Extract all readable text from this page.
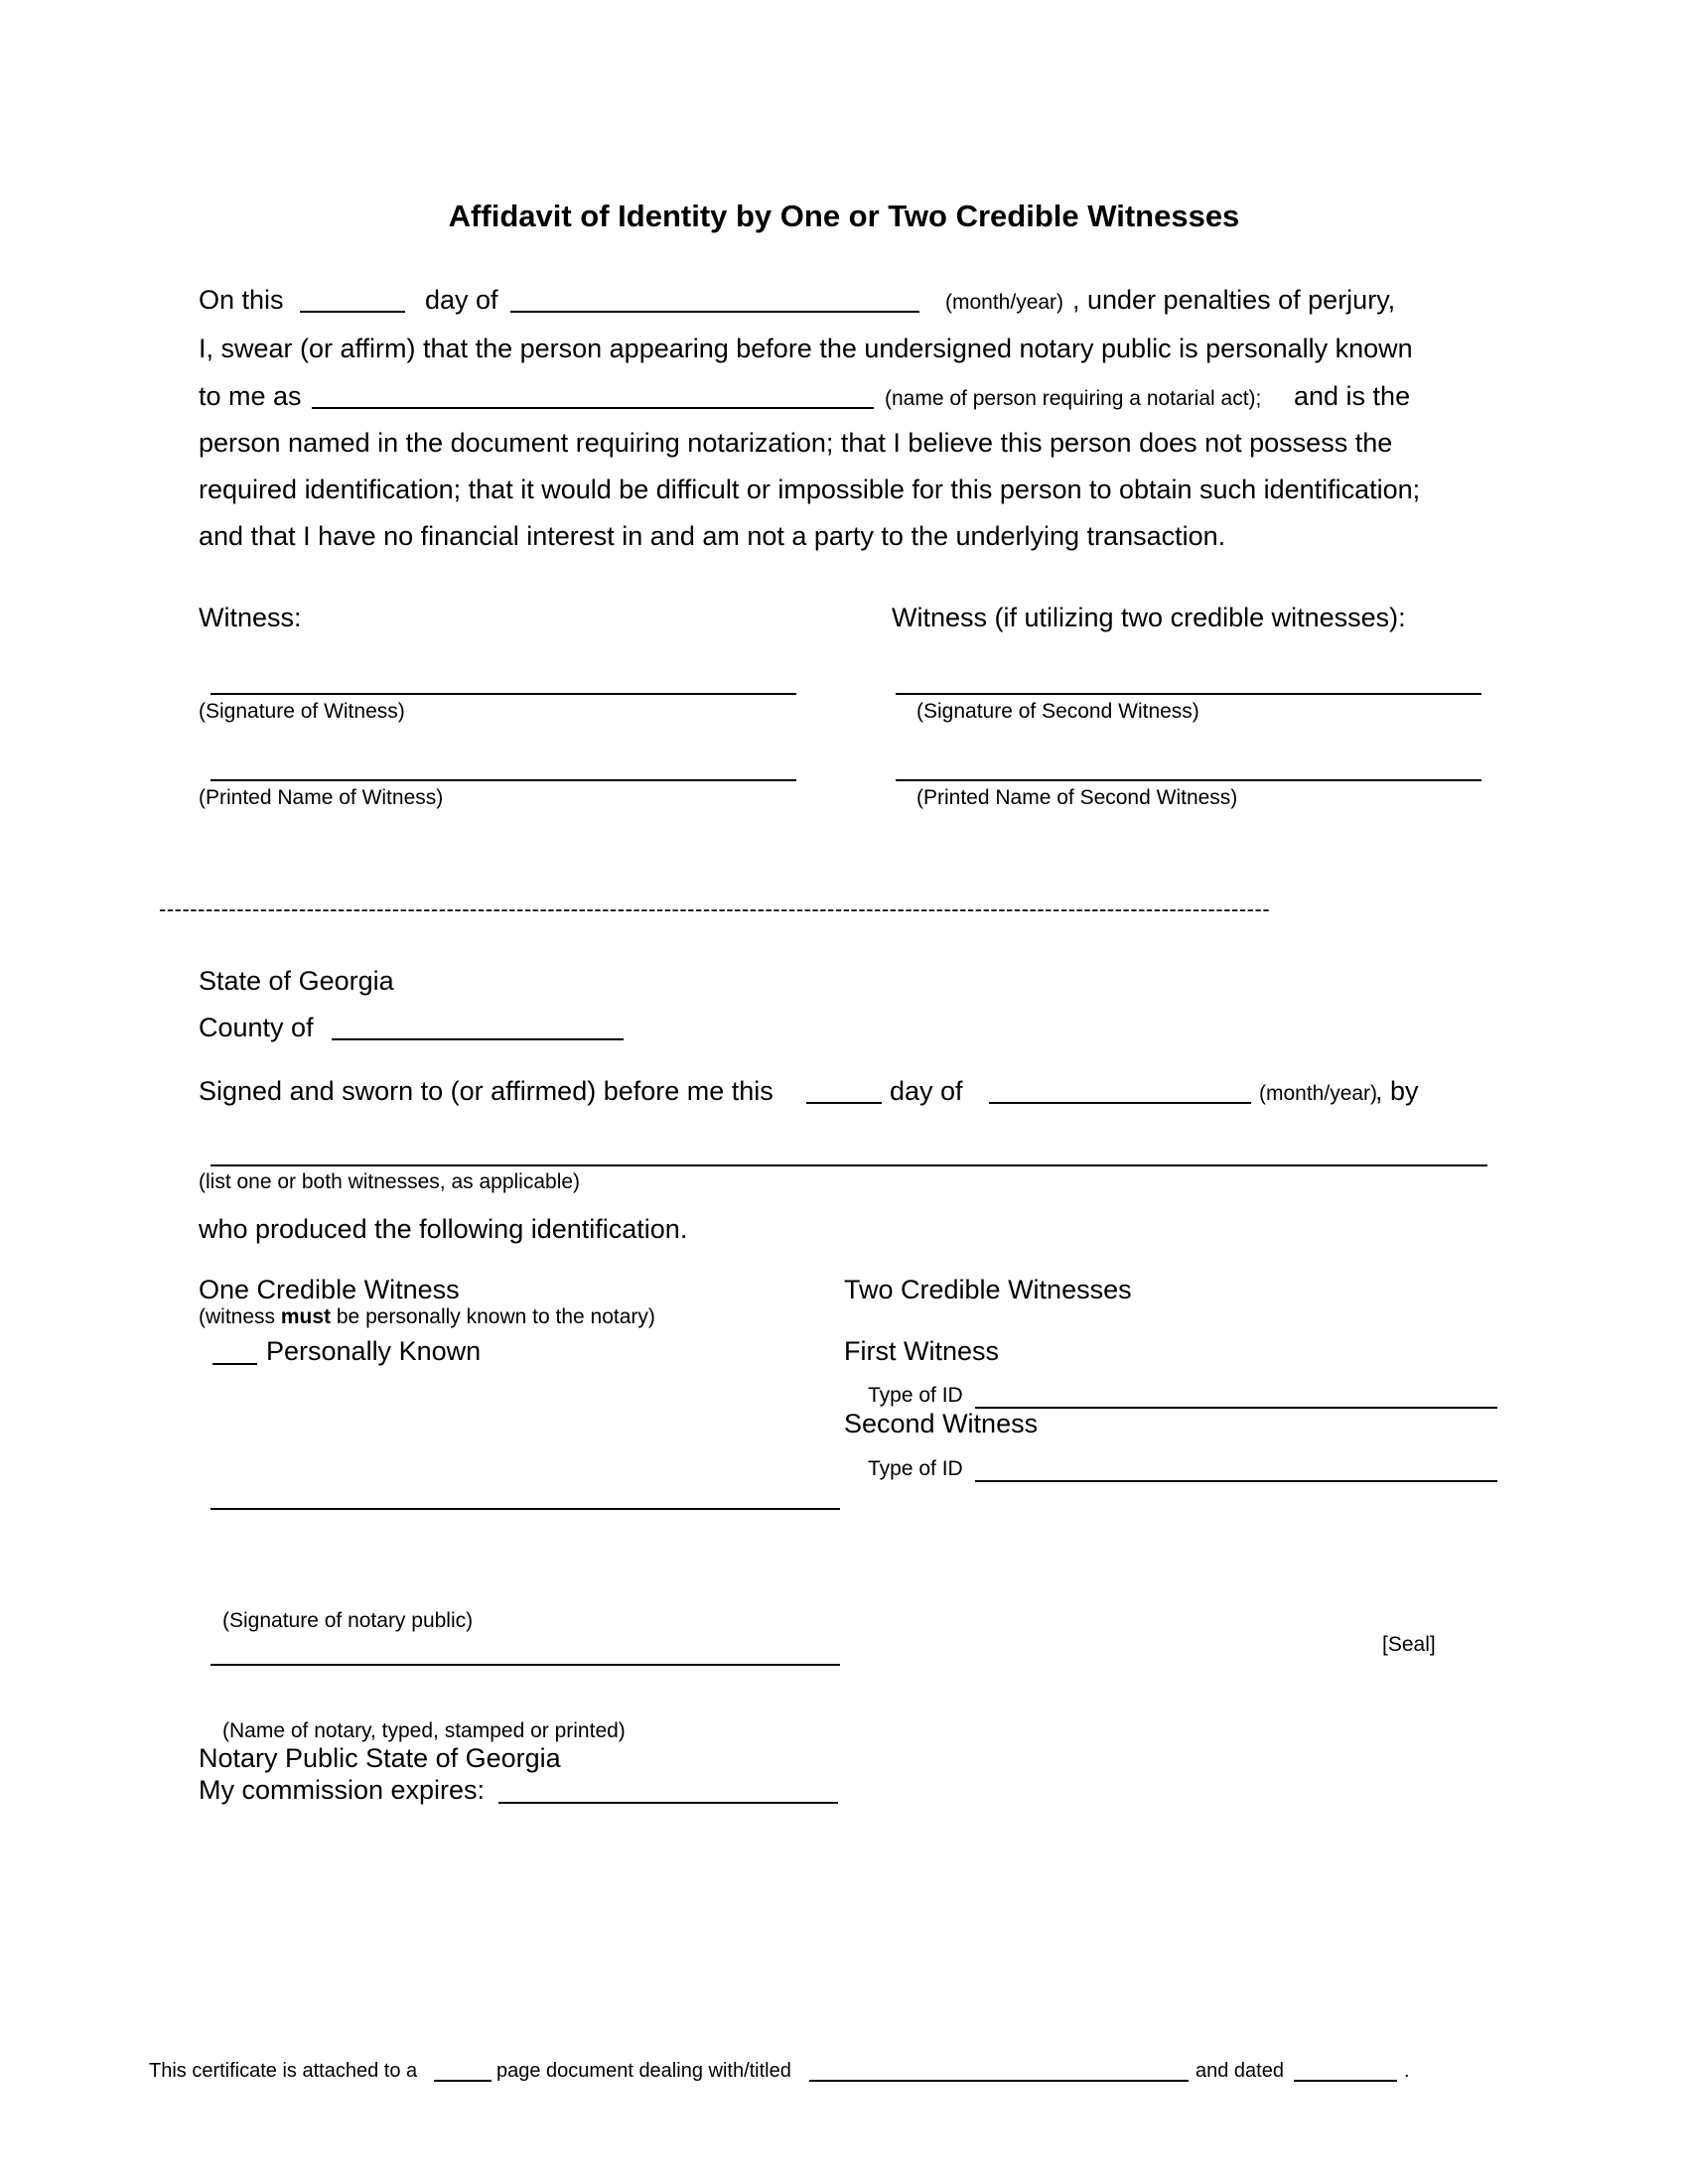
Affidavit of Identity by One or Two Credible Witnesses
On this	day of	(month/year) , under penalties of perjury,
I, swear (or affirm) that the person appearing before the undersigned notary public is personally known
to me as	(name of person requiring a notarial act); and is the
person named in the document requiring notarization; that I believe this person does not possess the
required identification; that it would be difficult or impossible for this person to obtain such identification;
and that I have no financial interest in and am not a party to the underlying transaction.
Witness:	Witness (if utilizing two credible witnesses):
(Signature of Witness)	(Signature of Second Witness)
(Printed Name of Witness)	(Printed Name of Second Witness)
-----------------------------------------------------------------------------------------------------------------------------------------------
State of Georgia
County of
Signed and sworn to (or affirmed) before me this	day of	(month/year)
, by
(list one or both witnesses, as applicable)
who produced the following identification.
One Credible Witness
(witness must be personally known to the notary)
Personally Known
Two Credible Witnesses
First Witness
Type of ID
Second Witness
Type of ID
(Signature of notary public)
[Seal]
(Name of notary, typed, stamped or printed)
Notary Public State of Georgia
My commission expires:
This certificate is attached to a	page document dealing with/titled	and dated	.
